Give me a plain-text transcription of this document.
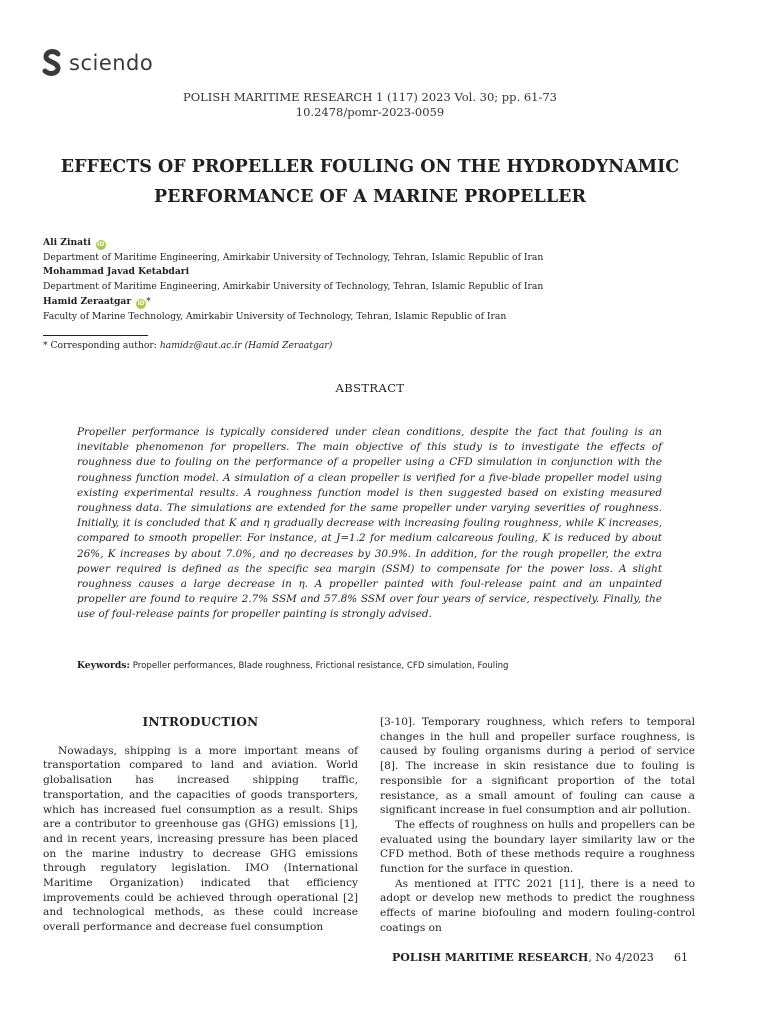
sciendo
POLISH MARITIME RESEARCH 1 (117) 2023 Vol. 30; pp. 61-73
10.2478/pomr-2023-0059
EFFECTS OF PROPELLER FOULING ON THE HYDRODYNAMIC
PERFORMANCE OF A MARINE PROPELLER
Ali Zinati iD
Department of Maritime Engineering, Amirkabir University of Technology, Tehran, Islamic Republic of Iran
Mohammad Javad Ketabdari
Department of Maritime Engineering, Amirkabir University of Technology, Tehran, Islamic Republic of Iran
Hamid Zeraatgar iD*
Faculty of Marine Technology, Amirkabir University of Technology, Tehran, Islamic Republic of Iran
* Corresponding author: hamidz@aut.ac.ir (Hamid Zeraatgar)
ABSTRACT
Propeller performance is typically considered under clean conditions, despite the fact that fouling is an inevitable phenomenon for propellers. The main objective of this study is to investigate the effects of roughness due to fouling on the performance of a propeller using a CFD simulation in conjunction with the roughness function model. A simulation of a clean propeller is verified for a five-blade propeller model using existing experimental results. A roughness function model is then suggested based on existing measured roughness data. The simulations are extended for the same propeller under varying severities of roughness. Initially, it is concluded that K and η gradually decrease with increasing fouling roughness, while K increases, compared to smooth propeller. For instance, at J=1.2 for medium calcareous fouling, K is reduced by about 26%, K increases by about 7.0%, and ηo decreases by 30.9%. In addition, for the rough propeller, the extra power required is defined as the specific sea margin (SSM) to compensate for the power loss. A slight roughness causes a large decrease in η. A propeller painted with foul-release paint and an unpainted propeller are found to require 2.7% SSM and 57.8% SSM over four years of service, respectively. Finally, the use of foul-release paints for propeller painting is strongly advised.
Keywords: Propeller performances, Blade roughness, Frictional resistance, CFD simulation, Fouling
INTRODUCTION

Nowadays, shipping is a more important means of transportation compared to land and aviation. World globalisation has increased shipping traffic, transportation, and the capacities of goods transporters, which has increased fuel consumption as a result. Ships are a contributor to greenhouse gas (GHG) emissions [1], and in recent years, increasing pressure has been placed on the marine industry to decrease GHG emissions through regulatory legislation. IMO (International Maritime Organization) indicated that efficiency improvements could be achieved through operational [2] and technological methods, as these could increase overall performance and decrease fuel consumption

[3-10]. Temporary roughness, which refers to temporal changes in the hull and propeller surface roughness, is caused by fouling organisms during a period of service [8]. The increase in skin resistance due to fouling is responsible for a significant proportion of the total resistance, as a small amount of fouling can cause a significant increase in fuel consumption and air pollution.

The effects of roughness on hulls and propellers can be evaluated using the boundary layer similarity law or the CFD method. Both of these methods require a roughness function for the surface in question.

As mentioned at ITTC 2021 [11], there is a need to adopt or develop new methods to predict the roughness effects of marine biofouling and modern fouling-control coatings on

POLISH MARITIME RESEARCH, No 4/2023 61
